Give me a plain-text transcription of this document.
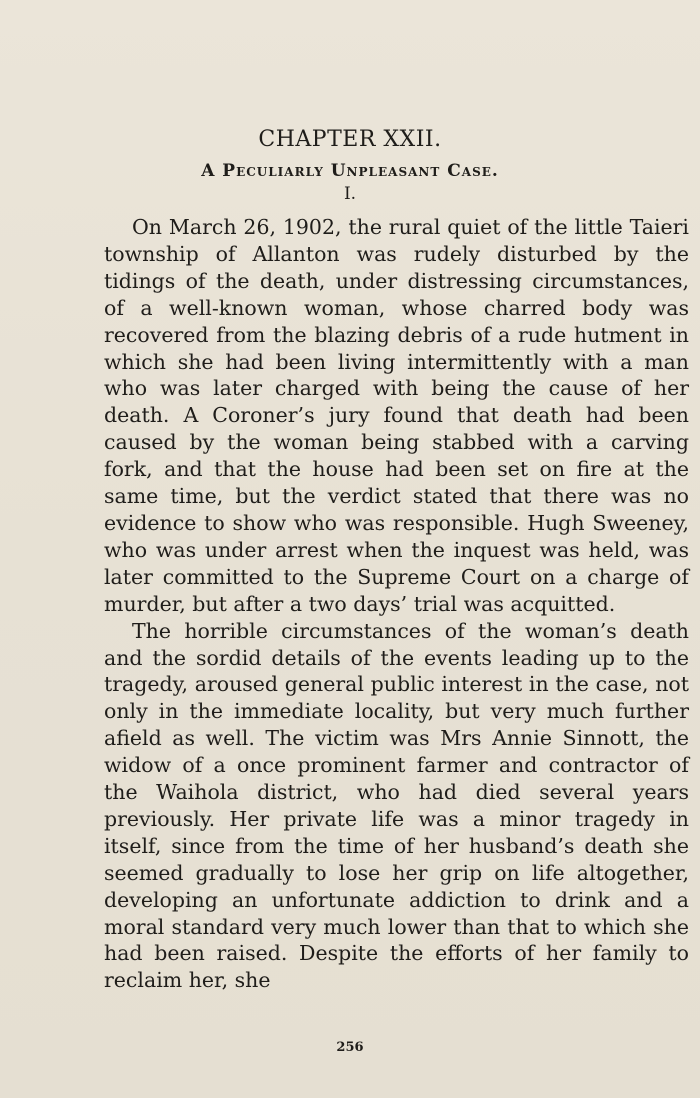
CHAPTER XXII.
A Peculiarly Unpleasant Case.
I.

On March 26, 1902, the rural quiet of the little Taieri township of Allanton was rudely disturbed by the tidings of the death, under distressing circumstances, of a well-known woman, whose charred body was recovered from the blazing debris of a rude hutment in which she had been living intermittently with a man who was later charged with being the cause of her death. A Coroner’s jury found that death had been caused by the woman being stabbed with a carving fork, and that the house had been set on fire at the same time, but the verdict stated that there was no evidence to show who was responsible. Hugh Sweeney, who was under arrest when the inquest was held, was later committed to the Supreme Court on a charge of murder, but after a two days’ trial was acquitted.

The horrible circumstances of the woman’s death and the sordid details of the events leading up to the tragedy, aroused general public interest in the case, not only in the immediate locality, but very much further afield as well. The victim was Mrs Annie Sinnott, the widow of a once prominent farmer and contractor of the Waihola district, who had died several years previously. Her private life was a minor tragedy in itself, since from the time of her husband’s death she seemed gradually to lose her grip on life altogether, developing an unfortunate addiction to drink and a moral standard very much lower than that to which she had been raised. Despite the efforts of her family to reclaim her, she

256
